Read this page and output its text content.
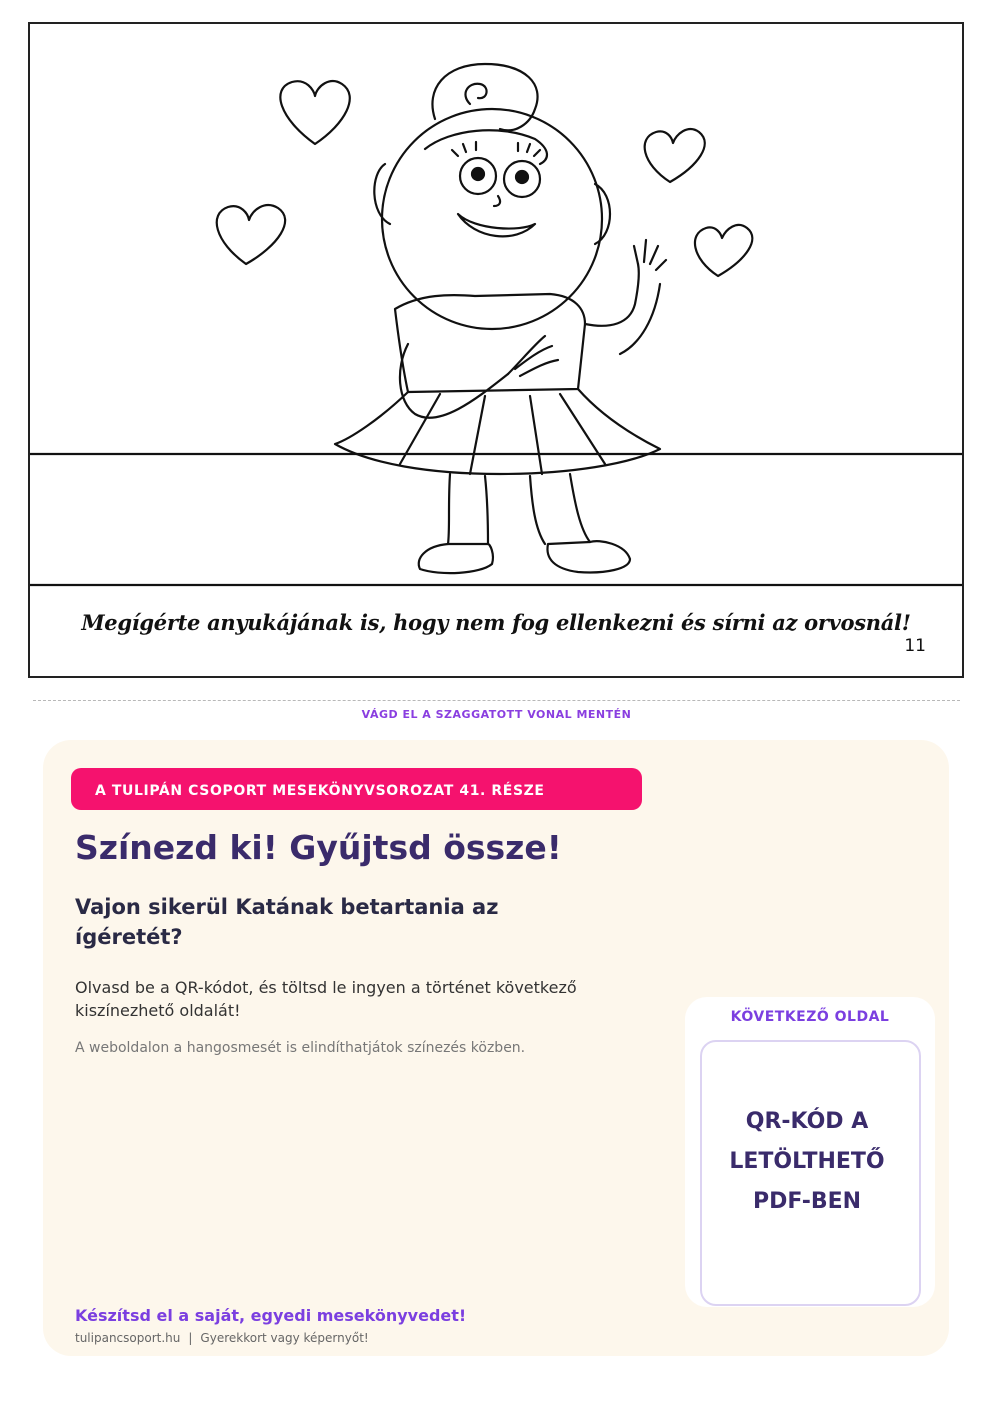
Megígérte anyukájának is, hogy nem fog ellenkezni és sírni az orvosnál!
11
VÁGD EL A SZAGGATOTT VONAL MENTÉN
A TULIPÁN CSOPORT MESEKÖNYVSOROZAT 41. RÉSZE
Színezd ki! Gyűjtsd össze!
Vajon sikerül Katának betartania az ígéretét?

Olvasd be a QR-kódot, és töltsd le ingyen a történet következő kiszínezhető oldalát!

A weboldalon a hangosmesét is elindíthatjátok színezés közben.

KÖVETKEZŐ OLDAL

QR-KÓD A LETÖLTHETŐ PDF-BEN

Készítsd el a saját, egyedi mesekönyvedet!
tulipancsoport.hu | Gyerekkort vagy képernyőt!
